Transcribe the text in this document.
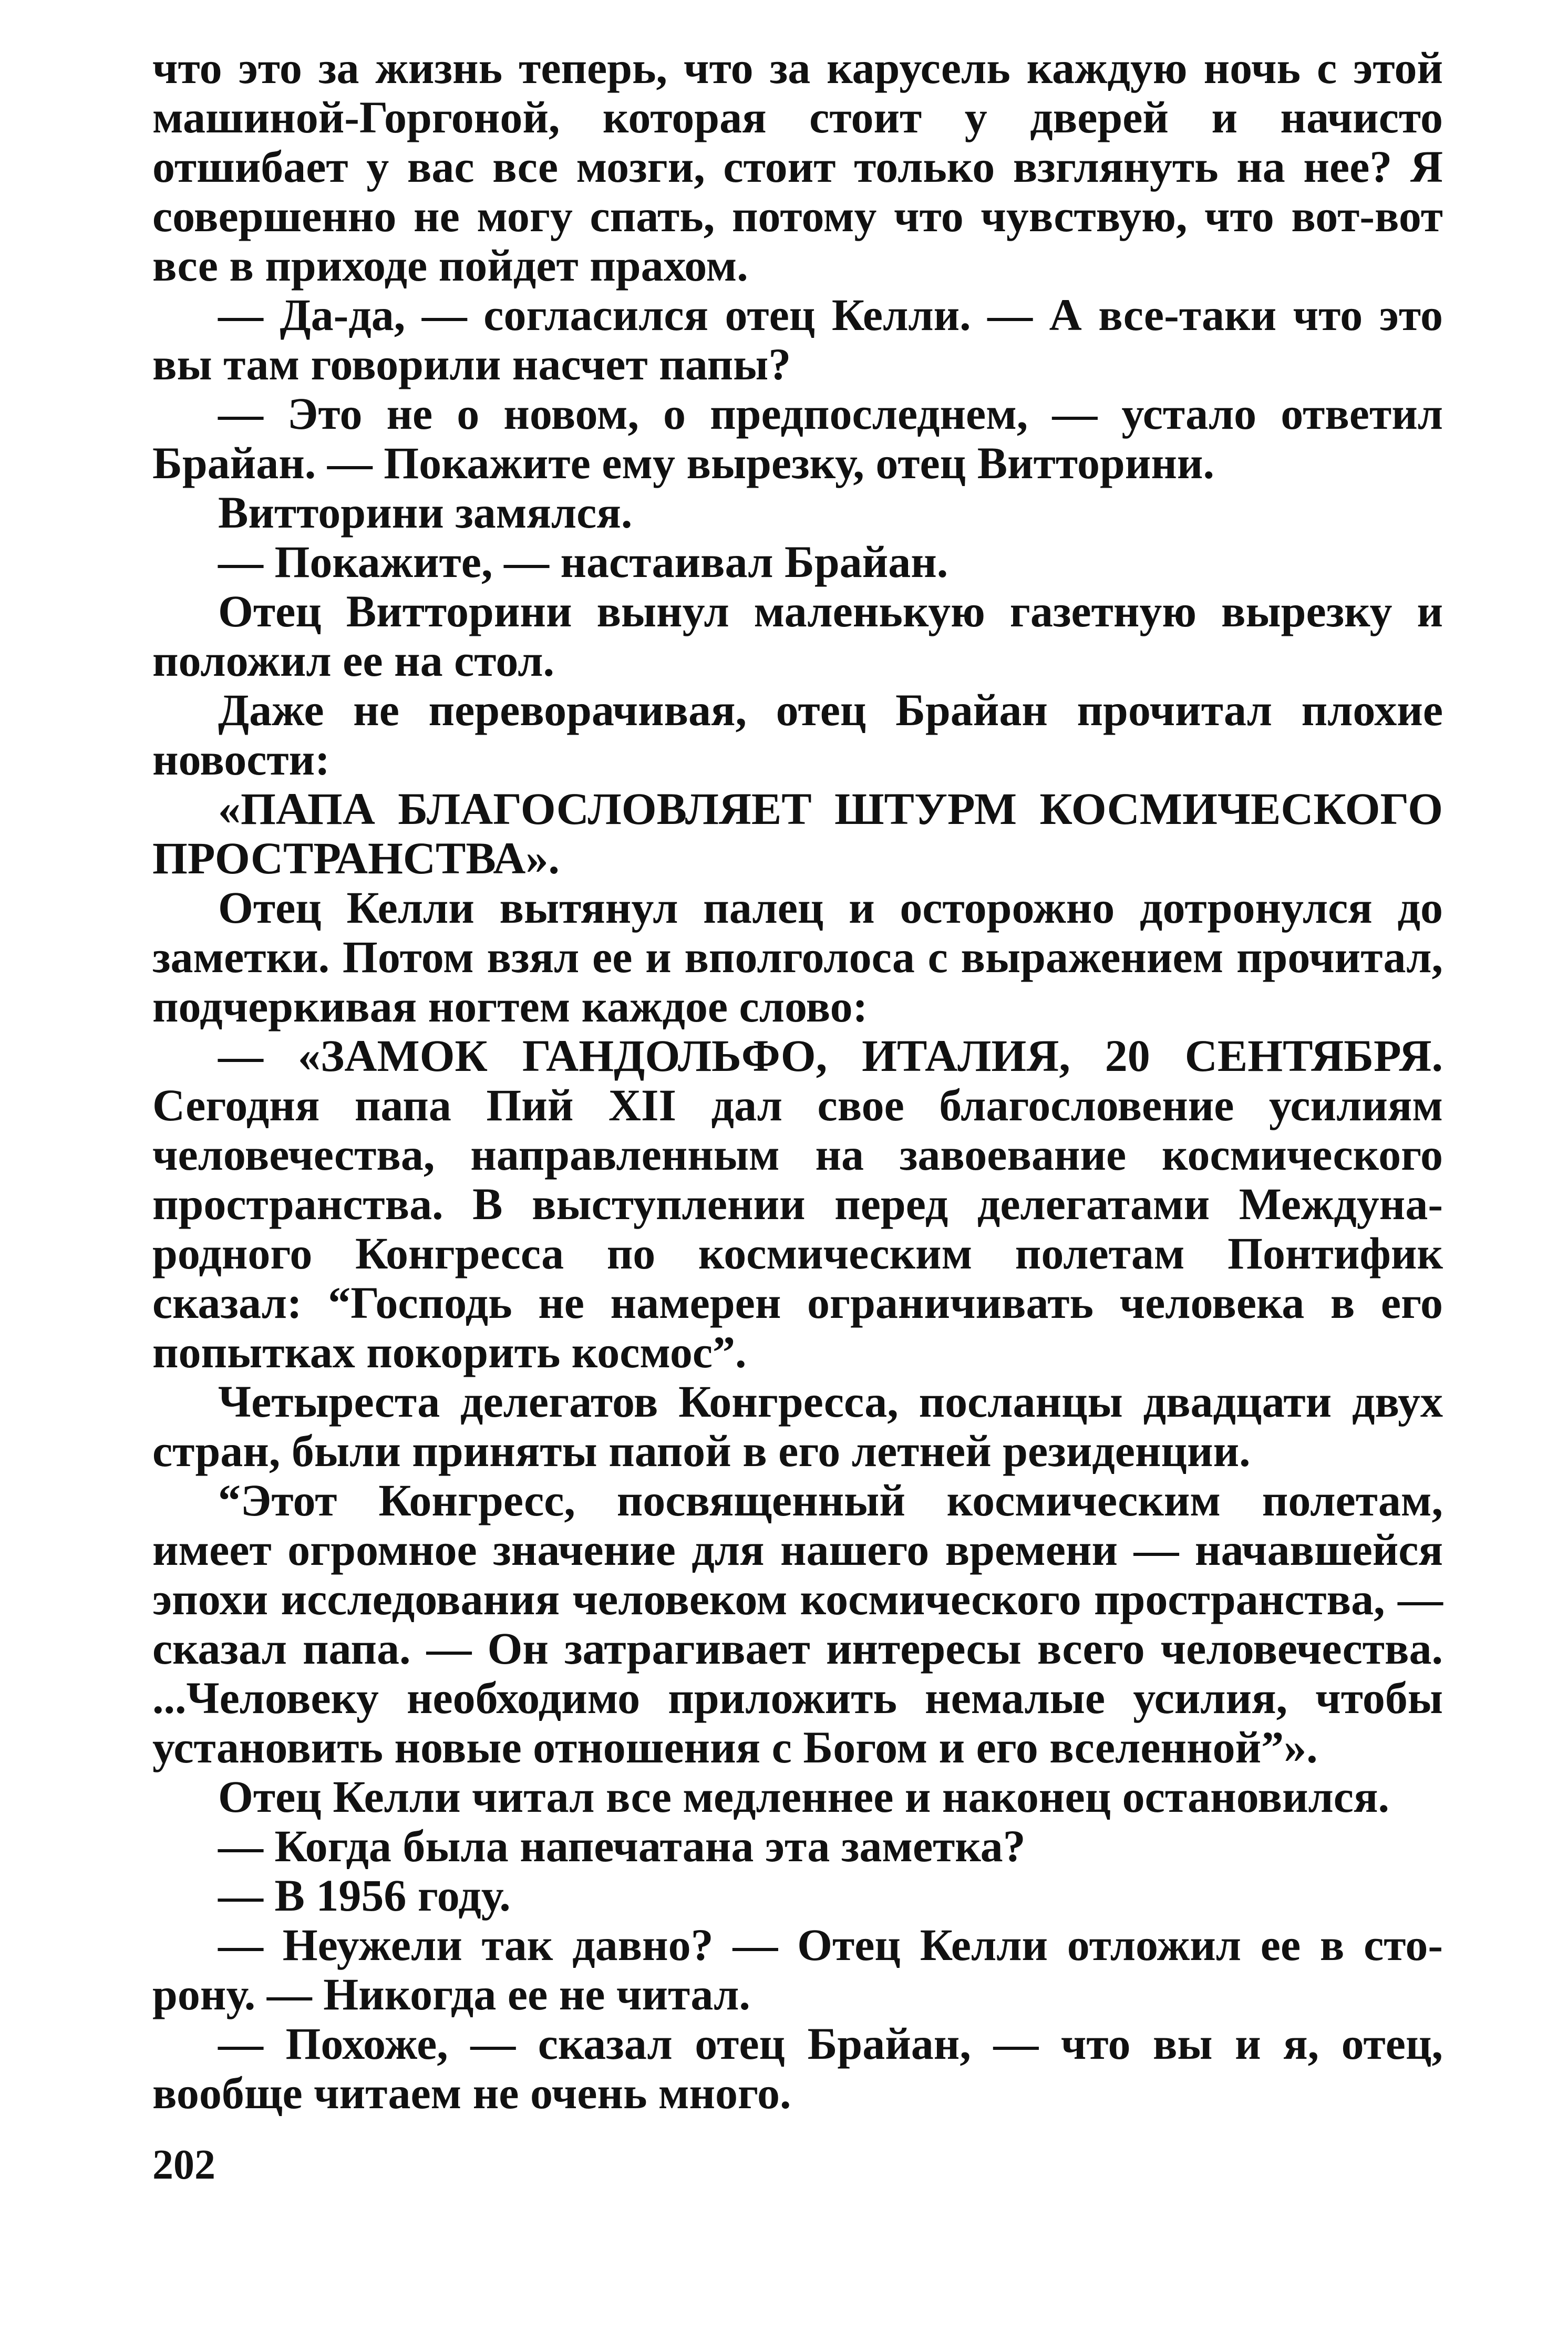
что это за жизнь теперь, что за карусель каждую ночь с этой машиной-Горгоной, которая стоит у дверей и начисто отшибает у вас все мозги, стоит только взглянуть на нее? Я совершенно не могу спать, потому что чувствую, что вот-вот все в приходе пойдет прахом.

— Да-да, — согласился отец Келли. — А все-таки что это вы там говорили насчет папы?

— Это не о новом, о предпоследнем, — устало ответил Брайан. — Покажите ему вырезку, отец Витторини.

Витторини замялся.

— Покажите, — настаивал Брайан.

Отец Витторини вынул маленькую газетную вырезку и положил ее на стол.

Даже не переворачивая, отец Брайан прочитал плохие новости:

«ПАПА БЛАГОСЛОВЛЯЕТ ШТУРМ КОСМИЧЕСКОГО ПРОСТРАНСТВА».

Отец Келли вытянул палец и осторожно дотронулся до заметки. Потом взял ее и вполголоса с выражением прочитал, подчеркивая ногтем каждое слово:

— «ЗАМОК ГАНДОЛЬФО, ИТАЛИЯ, 20 СЕНТЯБРЯ. Сегодня папа Пий XII дал свое благословение усилиям человечества, направленным на завоевание космического пространства. В выступлении перед делегатами Международного Конгресса по космическим полетам Понтифик сказал: “Господь не намерен ограничивать человека в его попытках покорить космос”.

Четыреста делегатов Конгресса, посланцы двадцати двух стран, были приняты папой в его летней резиденции.

“Этот Конгресс, посвященный космическим полетам, имеет огромное значение для нашего времени — начавшейся эпохи исследования человеком космического пространства, — сказал папа. — Он затрагивает интересы всего человечества. ...Человеку необходимо приложить немалые усилия, чтобы установить новые отношения с Богом и его вселенной”».

Отец Келли читал все медленнее и наконец остановился.

— Когда была напечатана эта заметка?

— В 1956 году.

— Неужели так давно? — Отец Келли отложил ее в сторону. — Никогда ее не читал.

— Похоже, — сказал отец Брайан, — что вы и я, отец, вообще читаем не очень много.

202
